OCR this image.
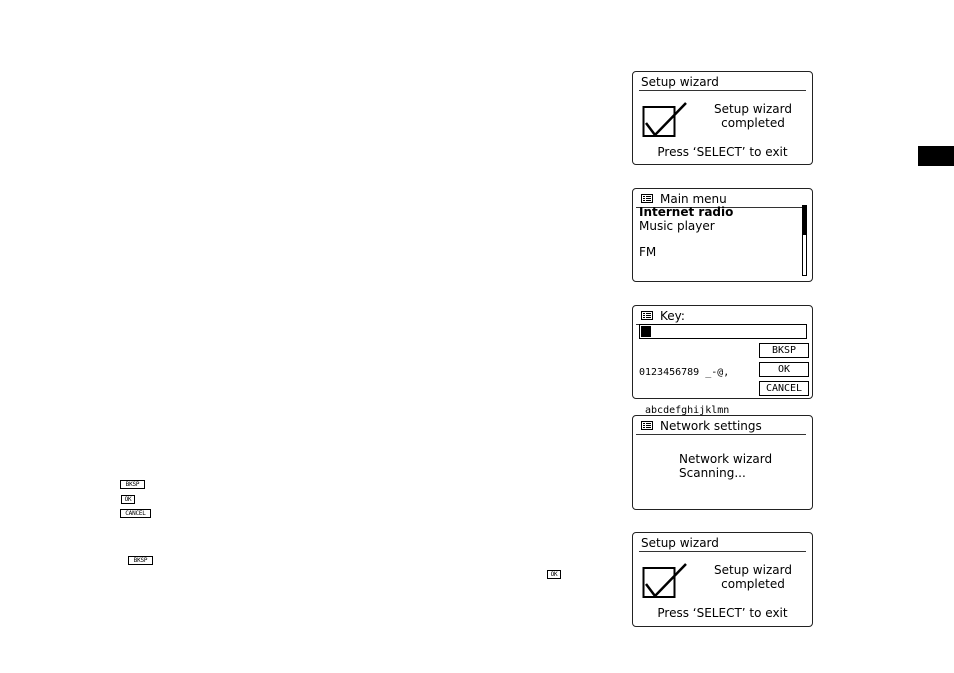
Setup wizard
Setup wizard
completed
Press ‘SELECT’ to exit
Main menu
Internet radio
Music player
FM
Key:

0123456789 _-@,

abcdefghijklmn

BKSP
OK
CANCEL
Network settings
Network wizard
Scanning...
Setup wizard
Setup wizard
completed
Press ‘SELECT’ to exit
BKSP
OK
CANCEL
BKSP
OK
